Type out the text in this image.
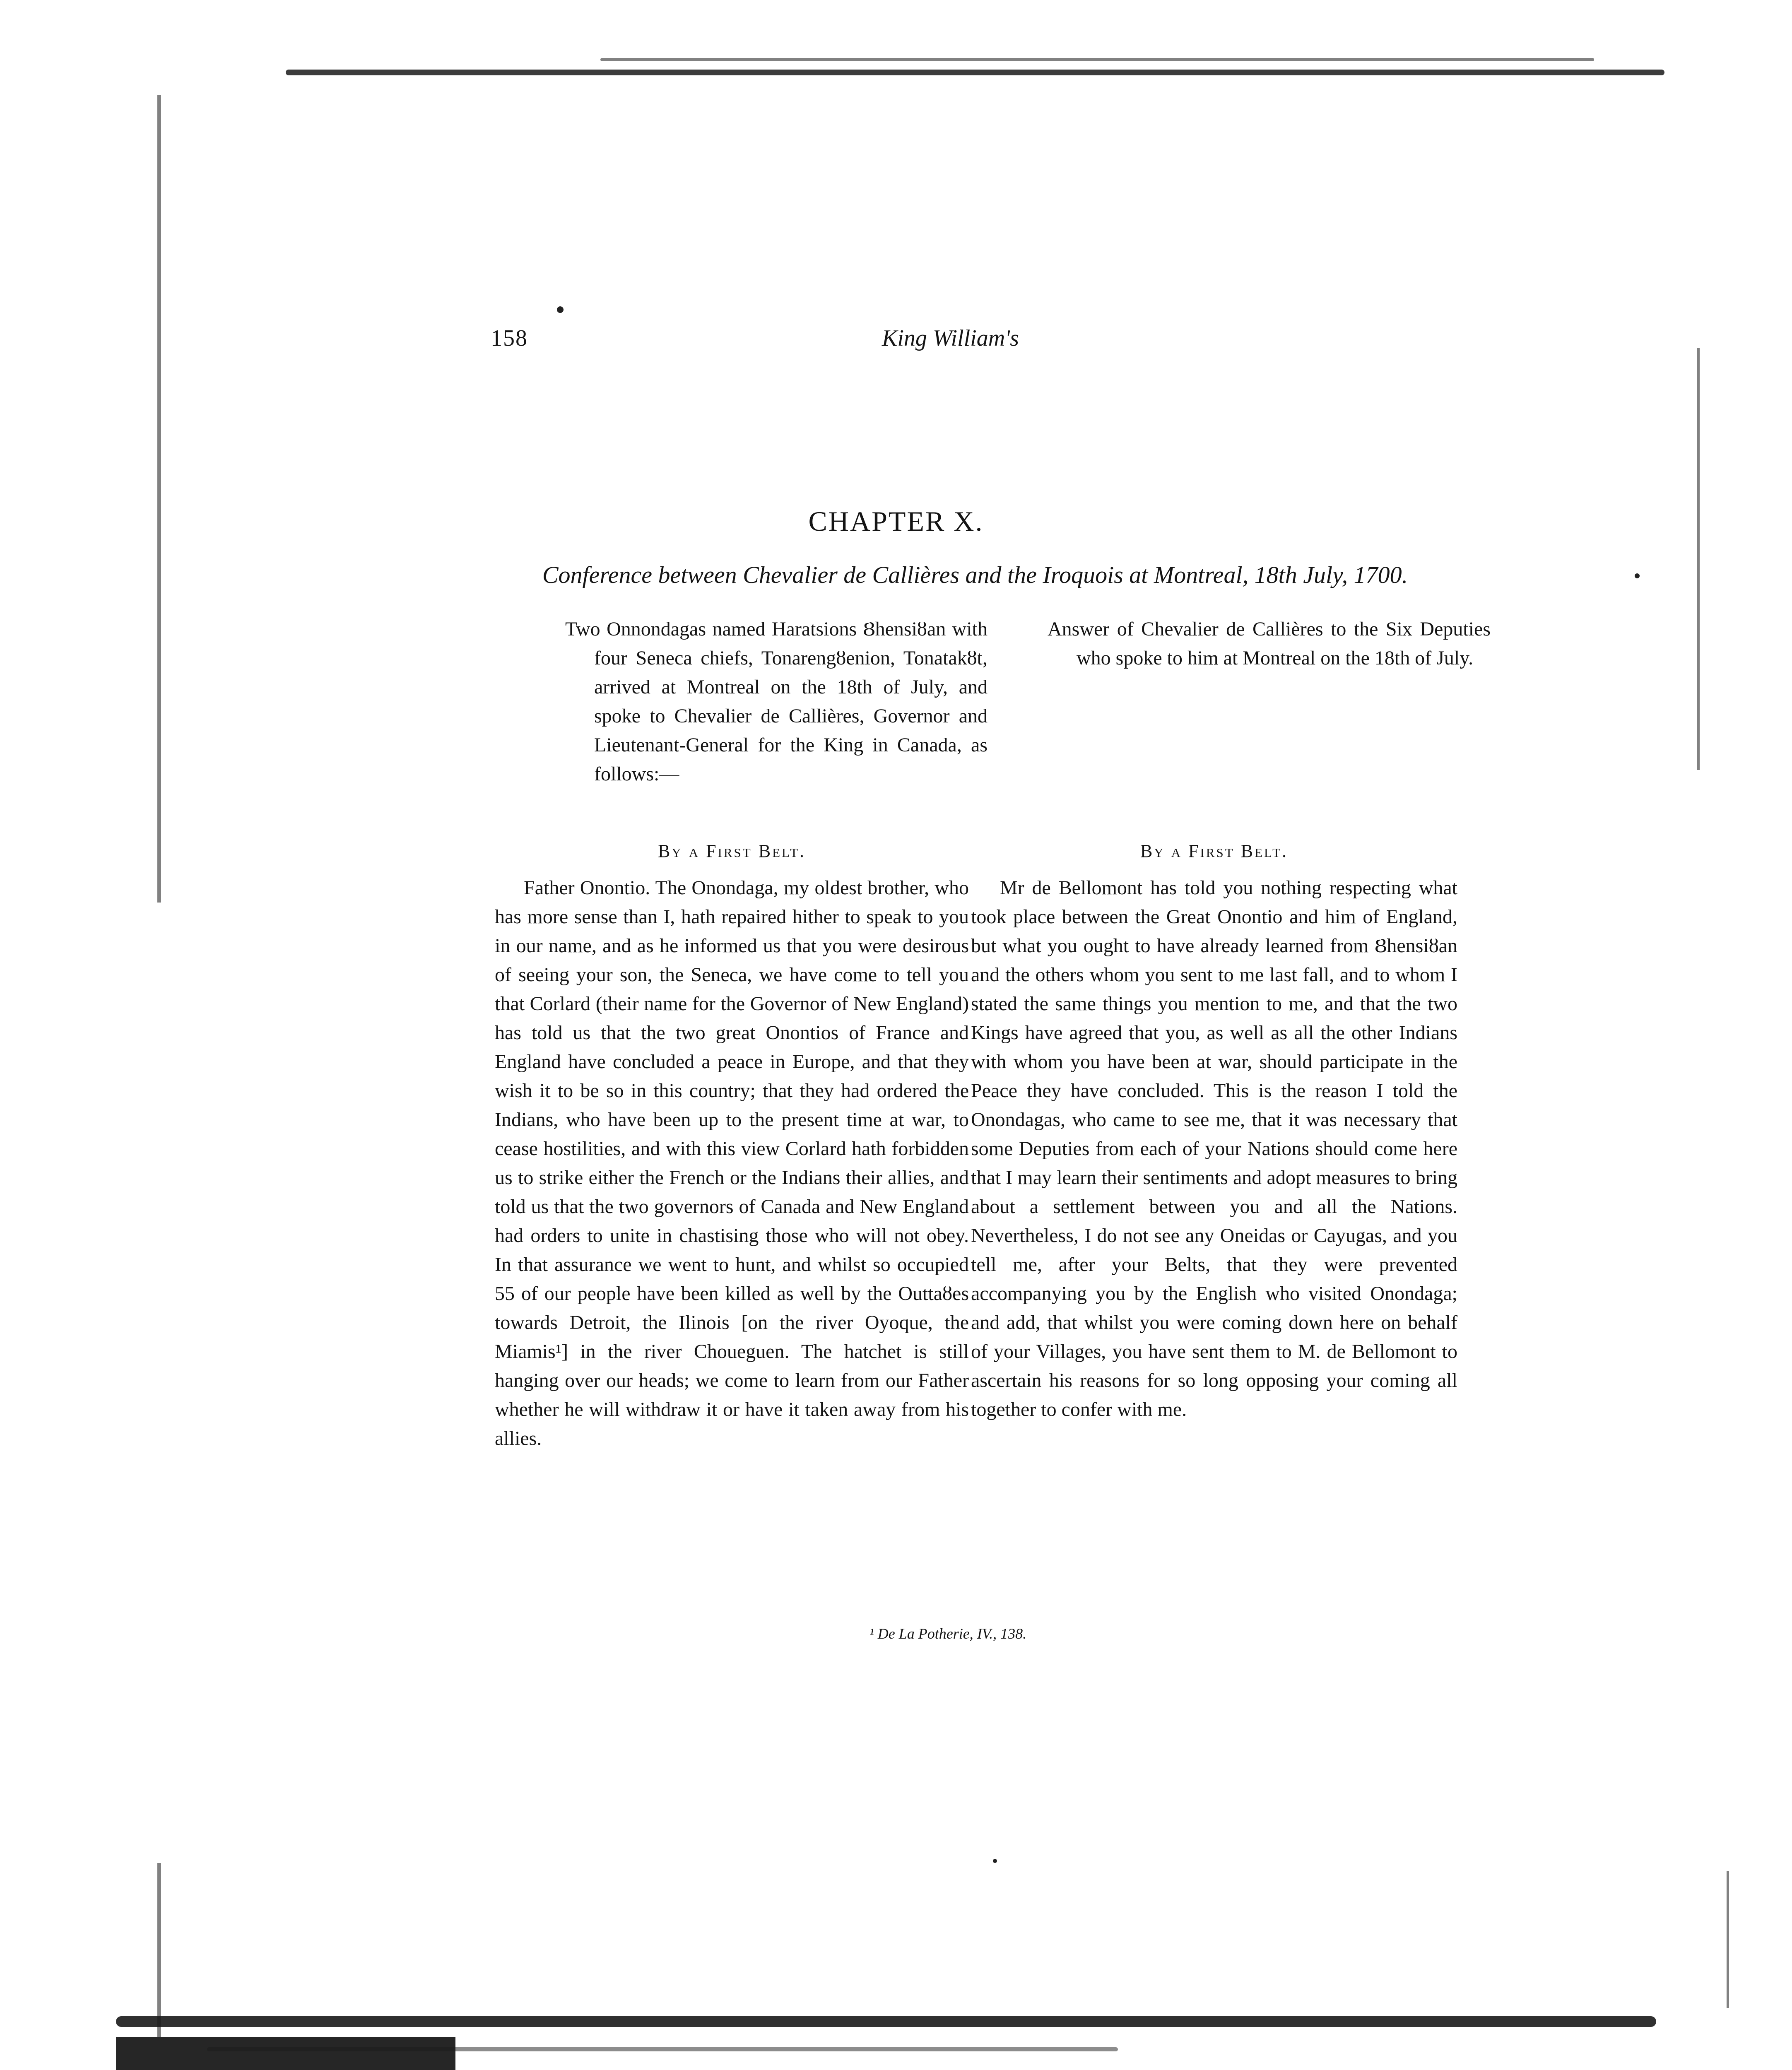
158	King William's
CHAPTER X.
Conference between Chevalier de Callières and the Iroquois at Montreal, 18th July, 1700.

Two Onnondagas named Haratsions Ȣhensiȣan with four Seneca chiefs, Tonarengȣenion, Tonatakȣt, arrived at Montreal on the 18th of July, and spoke to Chevalier de Callières, Governor and Lieutenant-General for the King in Canada, as follows:—

By a First Belt.

Father Onontio. The Onondaga, my oldest brother, who has more sense than I, hath repaired hither to speak to you in our name, and as he informed us that you were desirous of seeing your son, the Seneca, we have come to tell you that Corlard (their name for the Governor of New England) has told us that the two great Onontios of France and England have concluded a peace in Europe, and that they wish it to be so in this country; that they had ordered the Indians, who have been up to the present time at war, to cease hostilities, and with this view Corlard hath forbidden us to strike either the French or the Indians their allies, and told us that the two governors of Canada and New England had orders to unite in chastising those who will not obey. In that assurance we went to hunt, and whilst so occupied 55 of our people have been killed as well by the Outtaȣes towards Detroit, the Ilinois [on the river Oyoque, the Miamis¹] in the river Choueguen. The hatchet is still hanging over our heads; we come to learn from our Father whether he will withdraw it or have it taken away from his allies.

Answer of Chevalier de Callières to the Six Deputies who spoke to him at Montreal on the 18th of July.

By a First Belt.

Mr de Bellomont has told you nothing respecting what took place between the Great Onontio and him of England, but what you ought to have already learned from Ȣhensiȣan and the others whom you sent to me last fall, and to whom I stated the same things you mention to me, and that the two Kings have agreed that you, as well as all the other Indians with whom you have been at war, should participate in the Peace they have concluded. This is the reason I told the Onondagas, who came to see me, that it was necessary that some Deputies from each of your Nations should come here that I may learn their sentiments and adopt measures to bring about a settlement between you and all the Nations. Nevertheless, I do not see any Oneidas or Cayugas, and you tell me, after your Belts, that they were prevented accompanying you by the English who visited Onondaga; and add, that whilst you were coming down here on behalf of your Villages, you have sent them to M. de Bellomont to ascertain his reasons for so long opposing your coming all together to confer with me.

¹ De La Potherie, IV., 138.
